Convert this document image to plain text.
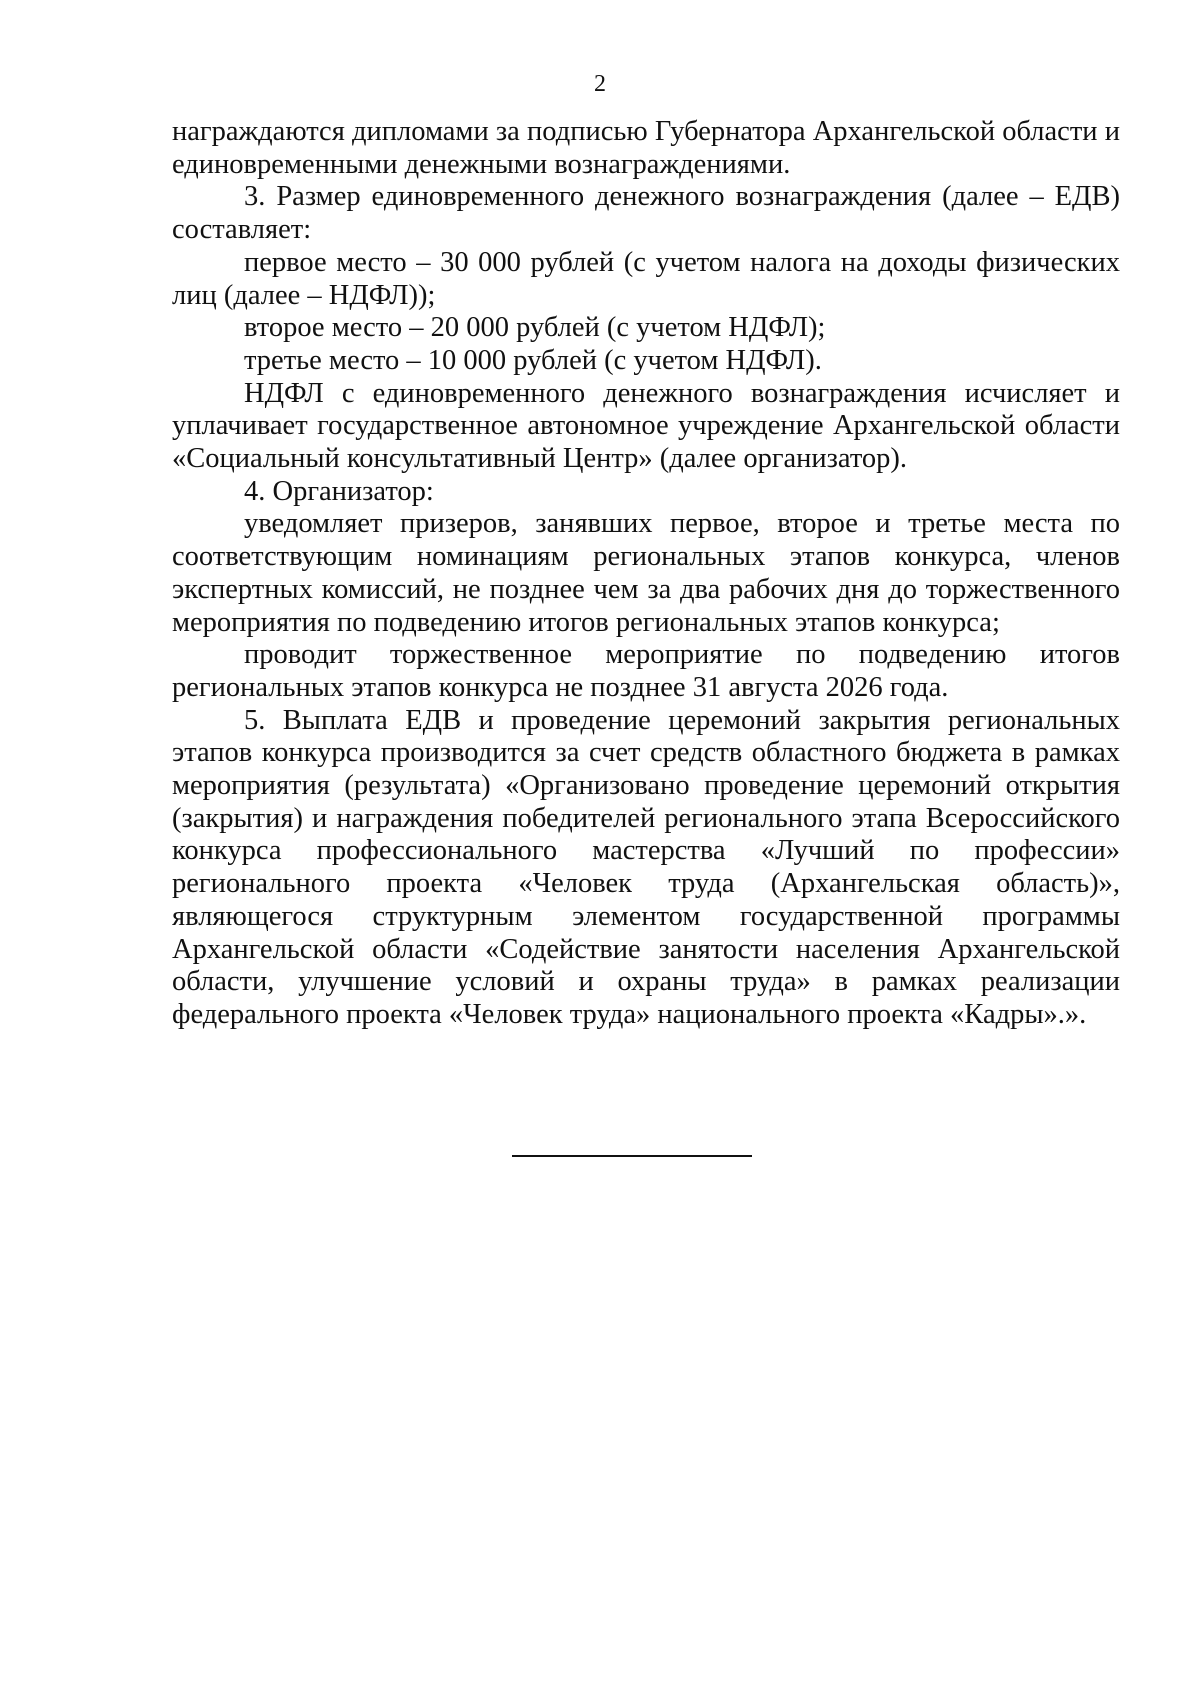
2

награждаются дипломами за подписью Губернатора Архангельской области и единовременными денежными вознаграждениями.

3. Размер единовременного денежного вознаграждения (далее – ЕДВ) составляет:

первое место – 30 000 рублей (с учетом налога на доходы физических лиц (далее – НДФЛ));

второе место – 20 000 рублей (с учетом НДФЛ);

третье место – 10 000 рублей (с учетом НДФЛ).

НДФЛ с единовременного денежного вознаграждения исчисляет и уплачивает государственное автономное учреждение Архангельской области «Социальный консультативный Центр» (далее организатор).

4. Организатор:

уведомляет призеров, занявших первое, второе и третье места по соответствующим номинациям региональных этапов конкурса, членов экспертных комиссий, не позднее чем за два рабочих дня до торжественного мероприятия по подведению итогов региональных этапов конкурса;

проводит торжественное мероприятие по подведению итогов региональных этапов конкурса не позднее 31 августа 2026 года.

5. Выплата ЕДВ и проведение церемоний закрытия региональных этапов конкурса производится за счет средств областного бюджета в рамках мероприятия (результата) «Организовано проведение церемоний открытия (закрытия) и награждения победителей регионального этапа Всероссийского конкурса профессионального мастерства «Лучший по профессии» регионального проекта «Человек труда (Архангельская область)», являющегося структурным элементом государственной программы Архангельской области «Содействие занятости населения Архангельской области, улучшение условий и охраны труда» в рамках реализации федерального проекта «Человек труда» национального проекта «Кадры».».
